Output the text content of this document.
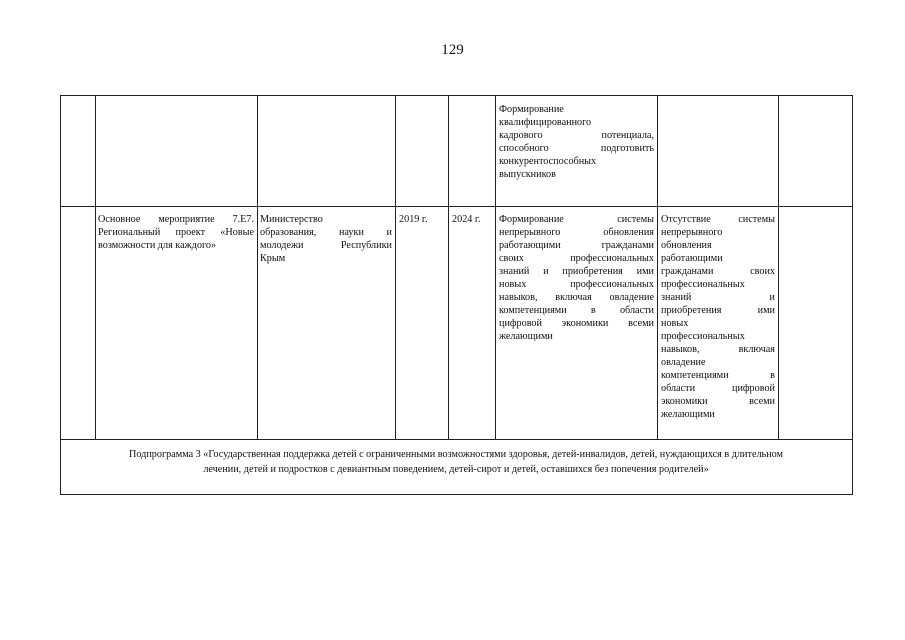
129
Формирование
квалифицированного
кадрового потенциала,
способного подготовить
конкурентоспособных
выпускников
Основное мероприятие 7.Е7.
Региональный проект «Новые
возможности для каждого»
Министерство
образования, науки и
молодежи Республики
Крым
2019 г. 2024 г. Формирование системы
непрерывного обновления
работающими гражданами
своих профессиональных
знаний и приобретения ими
новых профессиональных
навыков, включая овладение
компетенциями в области
цифровой экономики всеми
желающими
Отсутствие системы
непрерывного
обновления
работающими
гражданами своих
профессиональных
знаний и
приобретения ими
новых
профессиональных
навыков, включая
овладение
компетенциями в
области цифровой
экономики всеми
желающими
Подпрограмма 3 «Государственная поддержка детей с ограниченными возможностями здоровья, детей-инвалидов, детей, нуждающихся в длительном
лечении, детей и подростков с девиантным поведением, детей-сирот и детей, оставшихся без попечения родителей»
